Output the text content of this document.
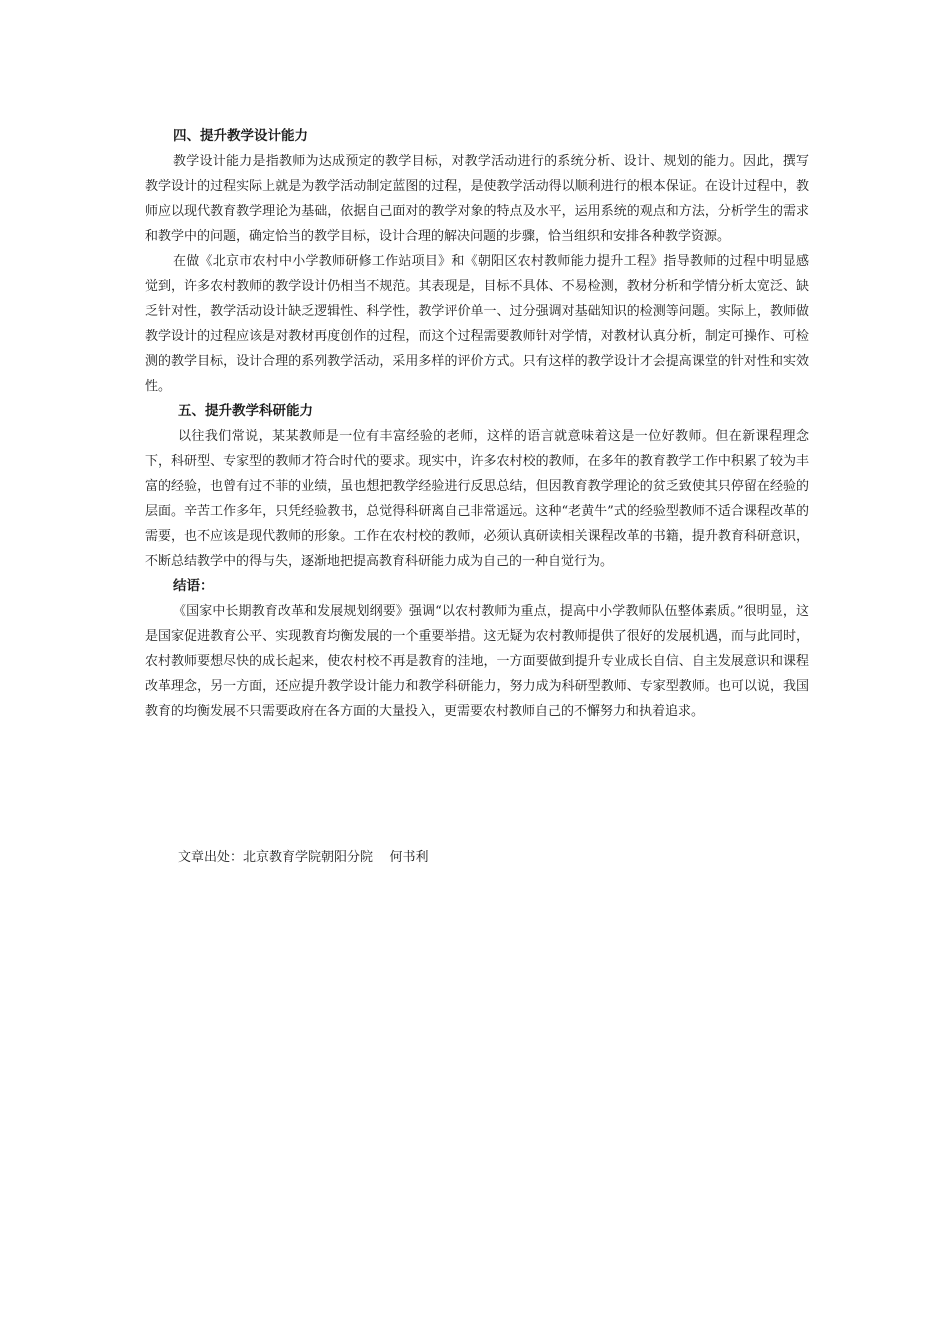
四、提升教学设计能力

教学设计能力是指教师为达成预定的教学目标，对教学活动进行的系统分析、设计、规划的能力。因此，撰写教学设计的过程实际上就是为教学活动制定蓝图的过程，是使教学活动得以顺利进行的根本保证。在设计过程中，教师应以现代教育教学理论为基础，依据自己面对的教学对象的特点及水平，运用系统的观点和方法，分析学生的需求和教学中的问题，确定恰当的教学目标，设计合理的解决问题的步骤，恰当组织和安排各种教学资源。

在做《北京市农村中小学教师研修工作站项目》和《朝阳区农村教师能力提升工程》指导教师的过程中明显感觉到，许多农村教师的教学设计仍相当不规范。其表现是，目标不具体、不易检测，教材分析和学情分析太宽泛、缺乏针对性，教学活动设计缺乏逻辑性、科学性，教学评价单一、过分强调对基础知识的检测等问题。实际上，教师做教学设计的过程应该是对教材再度创作的过程，而这个过程需要教师针对学情，对教材认真分析，制定可操作、可检测的教学目标，设计合理的系列教学活动，采用多样的评价方式。只有这样的教学设计才会提高课堂的针对性和实效性。

五、提升教学科研能力

以往我们常说，某某教师是一位有丰富经验的老师，这样的语言就意味着这是一位好教师。但在新课程理念下，科研型、专家型的教师才符合时代的要求。现实中，许多农村校的教师，在多年的教育教学工作中积累了较为丰富的经验，也曾有过不菲的业绩，虽也想把教学经验进行反思总结，但因教育教学理论的贫乏致使其只停留在经验的层面。辛苦工作多年，只凭经验教书，总觉得科研离自己非常遥远。这种“老黄牛”式的经验型教师不适合课程改革的需要，也不应该是现代教师的形象。工作在农村校的教师，必须认真研读相关课程改革的书籍，提升教育科研意识，不断总结教学中的得与失，逐渐地把提高教育科研能力成为自己的一种自觉行为。

结语：

《国家中长期教育改革和发展规划纲要》强调“以农村教师为重点，提高中小学教师队伍整体素质。”很明显，这是国家促进教育公平、实现教育均衡发展的一个重要举措。这无疑为农村教师提供了很好的发展机遇，而与此同时，农村教师要想尽快的成长起来，使农村校不再是教育的洼地，一方面要做到提升专业成长自信、自主发展意识和课程改革理念，另一方面，还应提升教学设计能力和教学科研能力，努力成为科研型教师、专家型教师。也可以说，我国教育的均衡发展不只需要政府在各方面的大量投入，更需要农村教师自己的不懈努力和执着追求。

文章出处：北京教育学院朝阳分院    何书利
